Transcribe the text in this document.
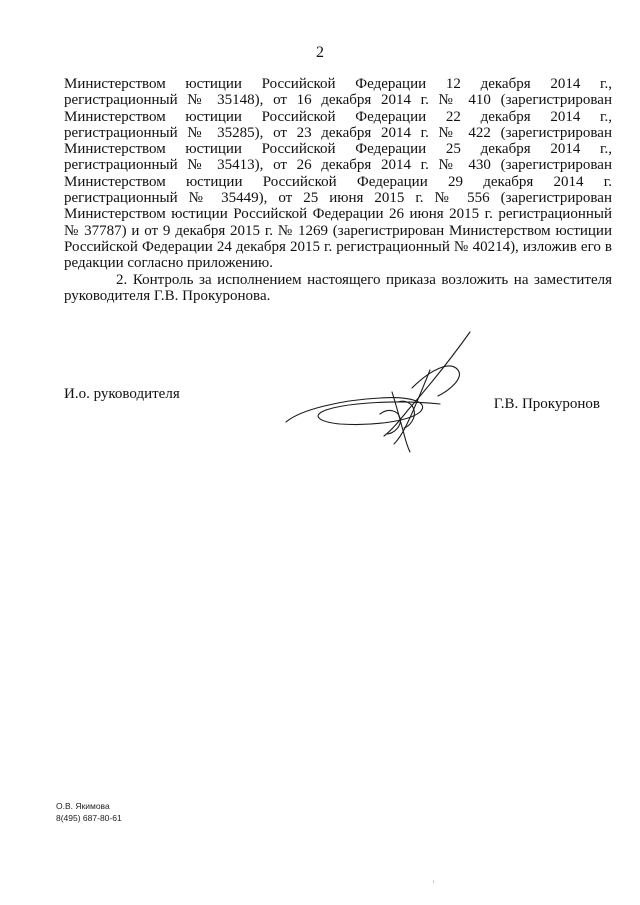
2

Министерством юстиции Российской Федерации 12 декабря 2014 г., регистрационный № 35148), от 16 декабря 2014 г. № 410 (зарегистрирован Министерством юстиции Российской Федерации 22 декабря 2014 г., регистрационный № 35285), от 23 декабря 2014 г. № 422 (зарегистрирован Министерством юстиции Российской Федерации 25 декабря 2014 г., регистрационный № 35413), от 26 декабря 2014 г. № 430 (зарегистрирован Министерством юстиции Российской Федерации 29 декабря 2014 г. регистрационный № 35449), от 25 июня 2015 г. № 556 (зарегистрирован Министерством юстиции Российской Федерации 26 июня 2015 г. регистрационный № 37787) и от 9 декабря 2015 г. № 1269 (зарегистрирован Министерством юстиции Российской Федерации 24 декабря 2015 г. регистрационный № 40214), изложив его в редакции согласно приложению.

2. Контроль за исполнением настоящего приказа возложить на заместителя руководителя Г.В. Прокуронова.

И.о. руководителя
Г.В. Прокуронов
О.В. Якимова
8(495) 687-80-61
